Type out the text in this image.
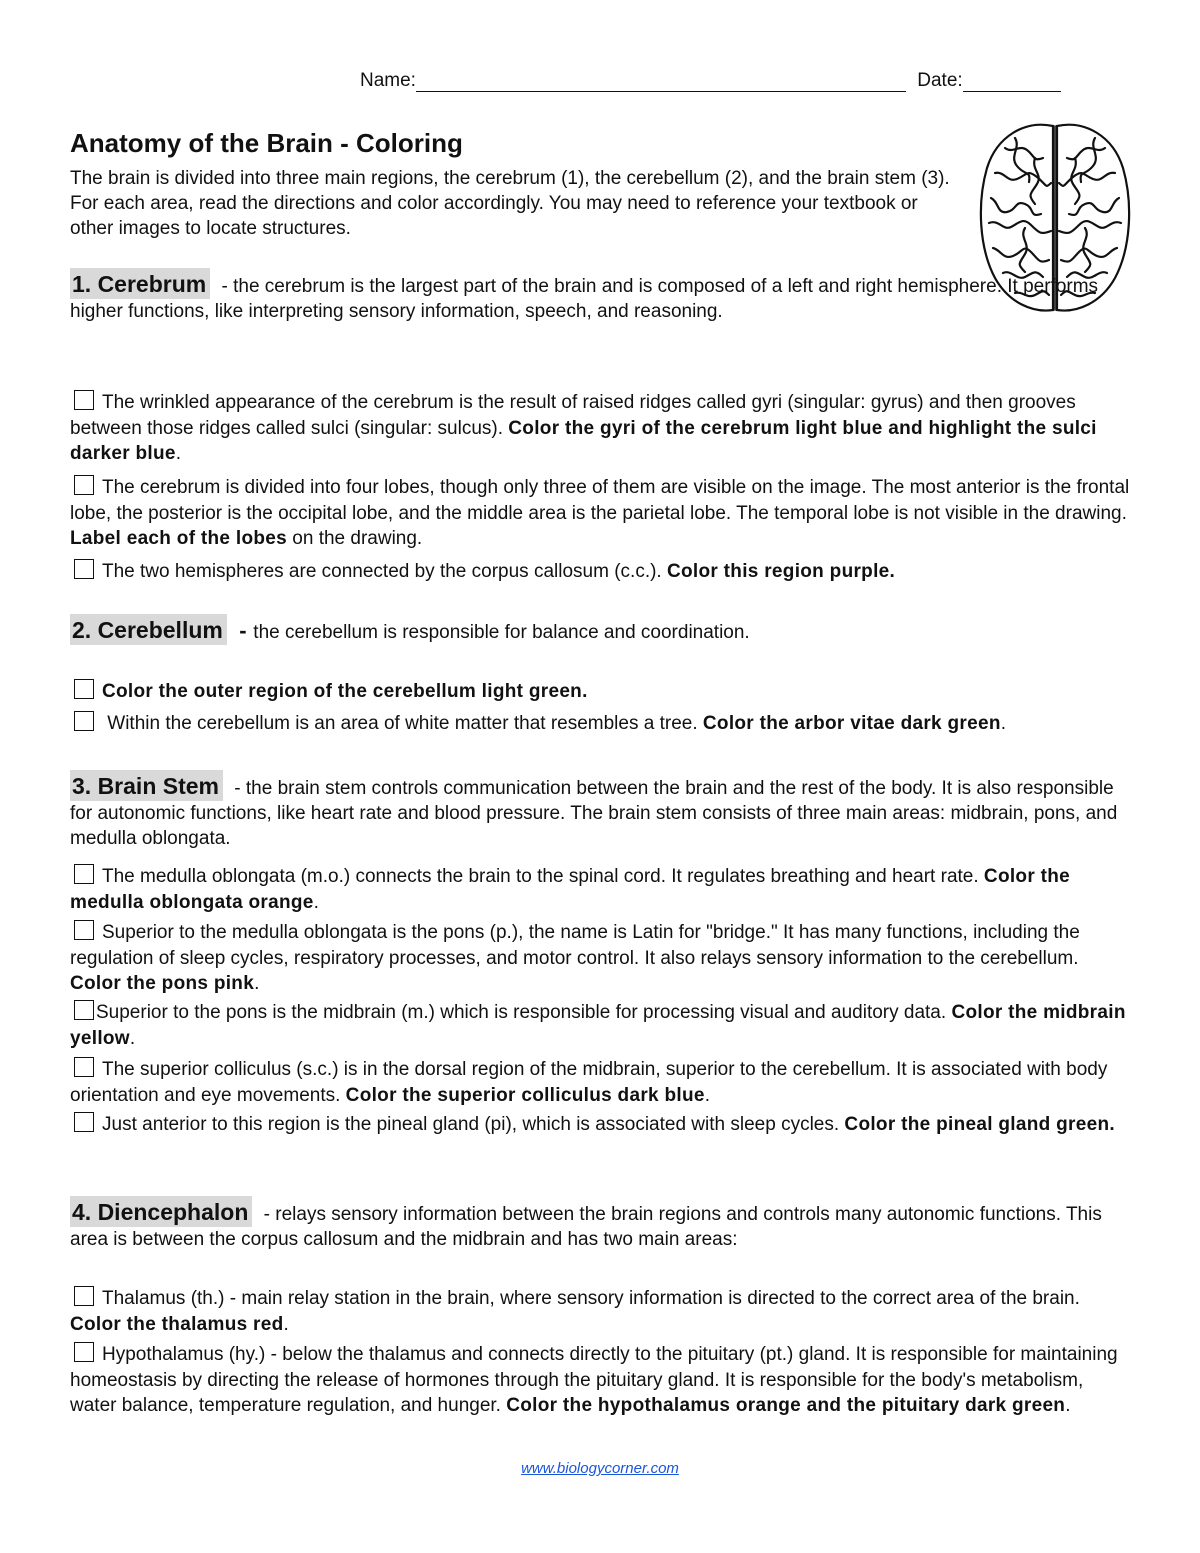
Name:	Date:
Anatomy of the Brain - Coloring
The brain is divided into three main regions, the cerebrum (1), the cerebellum (2), and the brain stem (3). For each area, read the directions and color accordingly. You may need to reference your textbook or other images to locate structures.
1. Cerebrum - the cerebrum is the largest part of the brain and is composed of a left and right hemisphere. It performs higher functions, like interpreting sensory information, speech, and reasoning.
The wrinkled appearance of the cerebrum is the result of raised ridges called gyri (singular: gyrus) and then grooves between those ridges called sulci (singular: sulcus). Color the gyri of the cerebrum light blue and highlight the sulci darker blue.
The cerebrum is divided into four lobes, though only three of them are visible on the image. The most anterior is the frontal lobe, the posterior is the occipital lobe, and the middle area is the parietal lobe. The temporal lobe is not visible in the drawing. Label each of the lobes on the drawing.
The two hemispheres are connected by the corpus callosum (c.c.). Color this region purple.
2. Cerebellum - the cerebellum is responsible for balance and coordination.
Color the outer region of the cerebellum light green.
Within the cerebellum is an area of white matter that resembles a tree. Color the arbor vitae dark green.
3. Brain Stem - the brain stem controls communication between the brain and the rest of the body. It is also responsible for autonomic functions, like heart rate and blood pressure. The brain stem consists of three main areas: midbrain, pons, and medulla oblongata.
The medulla oblongata (m.o.) connects the brain to the spinal cord. It regulates breathing and heart rate. Color the medulla oblongata orange.
Superior to the medulla oblongata is the pons (p.), the name is Latin for "bridge." It has many functions, including the regulation of sleep cycles, respiratory processes, and motor control. It also relays sensory information to the cerebellum. Color the pons pink.
Superior to the pons is the midbrain (m.) which is responsible for processing visual and auditory data. Color the midbrain yellow.
The superior colliculus (s.c.) is in the dorsal region of the midbrain, superior to the cerebellum. It is associated with body orientation and eye movements. Color the superior colliculus dark blue.
Just anterior to this region is the pineal gland (pi), which is associated with sleep cycles. Color the pineal gland green.
4. Diencephalon - relays sensory information between the brain regions and controls many autonomic functions. This area is between the corpus callosum and the midbrain and has two main areas:
Thalamus (th.) - main relay station in the brain, where sensory information is directed to the correct area of the brain. Color the thalamus red.
Hypothalamus (hy.) - below the thalamus and connects directly to the pituitary (pt.) gland. It is responsible for maintaining homeostasis by directing the release of hormones through the pituitary gland. It is responsible for the body's metabolism, water balance, temperature regulation, and hunger. Color the hypothalamus orange and the pituitary dark green.
www.biologycorner.com
